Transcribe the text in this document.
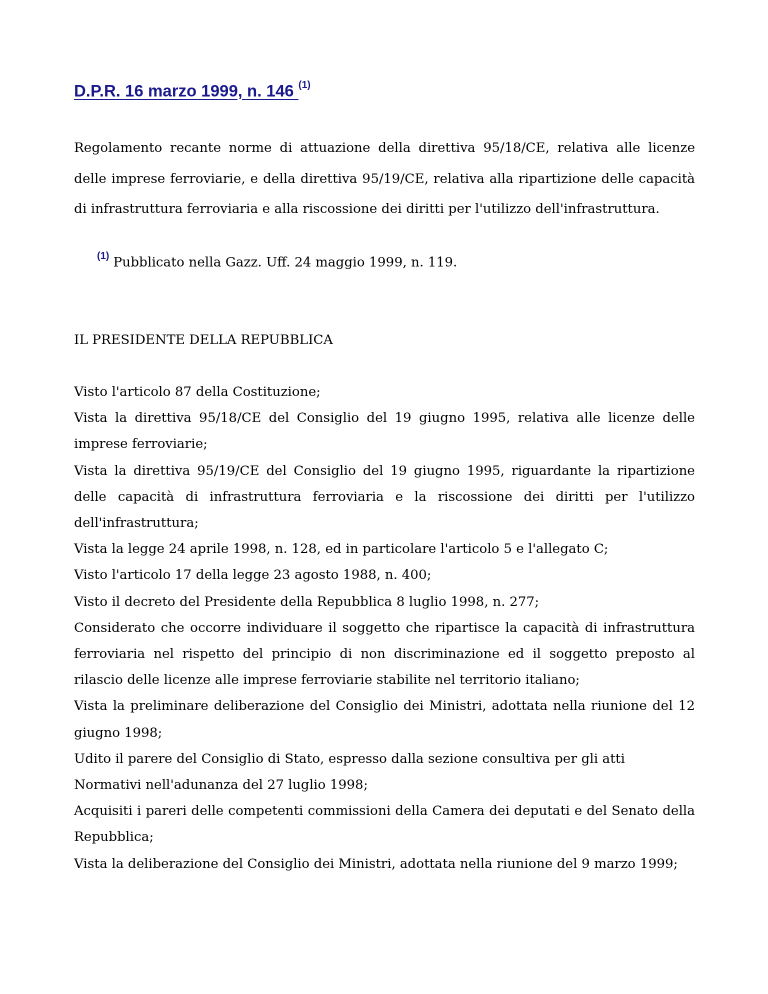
D.P.R. 16 marzo 1999, n. 146 $^{(1)}$
Regolamento recante norme di attuazione della direttiva 95/18/CE, relativa alle licenze delle imprese ferroviarie, e della direttiva 95/19/CE, relativa alla ripartizione delle capacità di infrastruttura ferroviaria e alla riscossione dei diritti per l'utilizzo dell'infrastruttura.
$^{(1)}$ Pubblicato nella Gazz. Uff. 24 maggio 1999, n. 119.
IL PRESIDENTE DELLA REPUBBLICA

Visto l'articolo 87 della Costituzione;

Vista la direttiva 95/18/CE del Consiglio del 19 giugno 1995, relativa alle licenze delle imprese ferroviarie;

Vista la direttiva 95/19/CE del Consiglio del 19 giugno 1995, riguardante la ripartizione delle capacità di infrastruttura ferroviaria e la riscossione dei diritti per l'utilizzo dell'infrastruttura;

Vista la legge 24 aprile 1998, n. 128, ed in particolare l'articolo 5 e l'allegato C;

Visto l'articolo 17 della legge 23 agosto 1988, n. 400;

Visto il decreto del Presidente della Repubblica 8 luglio 1998, n. 277;

Considerato che occorre individuare il soggetto che ripartisce la capacità di infrastruttura ferroviaria nel rispetto del principio di non discriminazione ed il soggetto preposto al rilascio delle licenze alle imprese ferroviarie stabilite nel territorio italiano;

Vista la preliminare deliberazione del Consiglio dei Ministri, adottata nella riunione del 12 giugno 1998;

Udito il parere del Consiglio di Stato, espresso dalla sezione consultiva per gli atti

Normativi nell'adunanza del 27 luglio 1998;

Acquisiti i pareri delle competenti commissioni della Camera dei deputati e del Senato della Repubblica;

Vista la deliberazione del Consiglio dei Ministri, adottata nella riunione del 9 marzo 1999;
